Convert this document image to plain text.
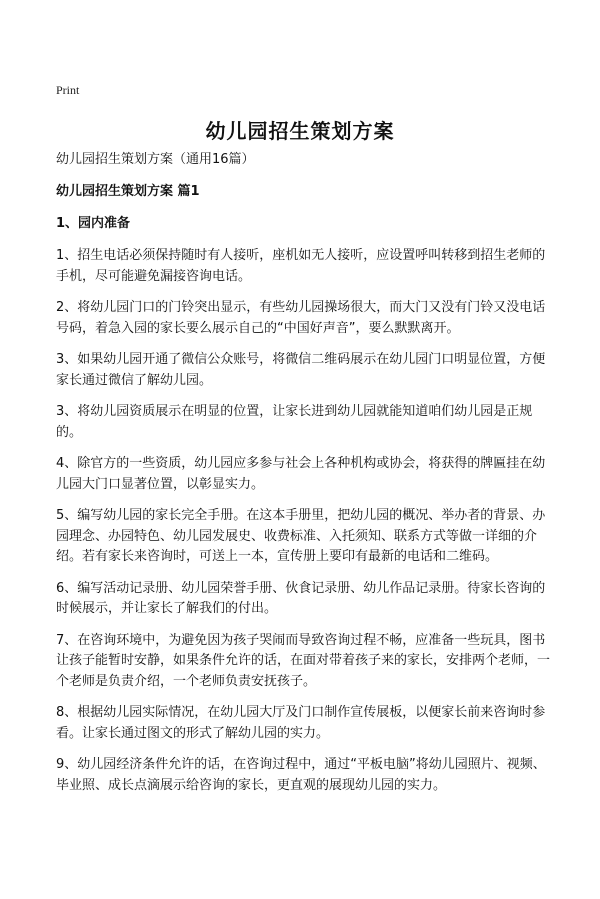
Print
幼儿园招生策划方案
幼儿园招生策划方案（通用16篇）
幼儿园招生策划方案 篇1
1、园内准备

1、招生电话必须保持随时有人接听，座机如无人接听，应设置呼叫转移到招生老师的手机，尽可能避免漏接咨询电话。

2、将幼儿园门口的门铃突出显示，有些幼儿园操场很大，而大门又没有门铃又没电话号码，着急入园的家长要么展示自己的“中国好声音”，要么默默离开。

3、如果幼儿园开通了微信公众账号，将微信二维码展示在幼儿园门口明显位置，方便家长通过微信了解幼儿园。

3、将幼儿园资质展示在明显的位置，让家长进到幼儿园就能知道咱们幼儿园是正规的。

4、除官方的一些资质，幼儿园应多参与社会上各种机构或协会，将获得的牌匾挂在幼儿园大门口显著位置，以彰显实力。

5、编写幼儿园的家长完全手册。在这本手册里，把幼儿园的概况、举办者的背景、办园理念、办园特色、幼儿园发展史、收费标准、入托须知、联系方式等做一详细的介绍。若有家长来咨询时，可送上一本，宣传册上要印有最新的电话和二维码。

6、编写活动记录册、幼儿园荣誉手册、伙食记录册、幼儿作品记录册。待家长咨询的时候展示，并让家长了解我们的付出。

7、在咨询环境中，为避免因为孩子哭闹而导致咨询过程不畅，应准备一些玩具，图书让孩子能暂时安静，如果条件允许的话，在面对带着孩子来的家长，安排两个老师，一个老师是负责介绍，一个老师负责安抚孩子。

8、根据幼儿园实际情况，在幼儿园大厅及门口制作宣传展板，以便家长前来咨询时参看。让家长通过图文的形式了解幼儿园的实力。

9、幼儿园经济条件允许的话，在咨询过程中，通过“平板电脑”将幼儿园照片、视频、毕业照、成长点滴展示给咨询的家长，更直观的展现幼儿园的实力。
